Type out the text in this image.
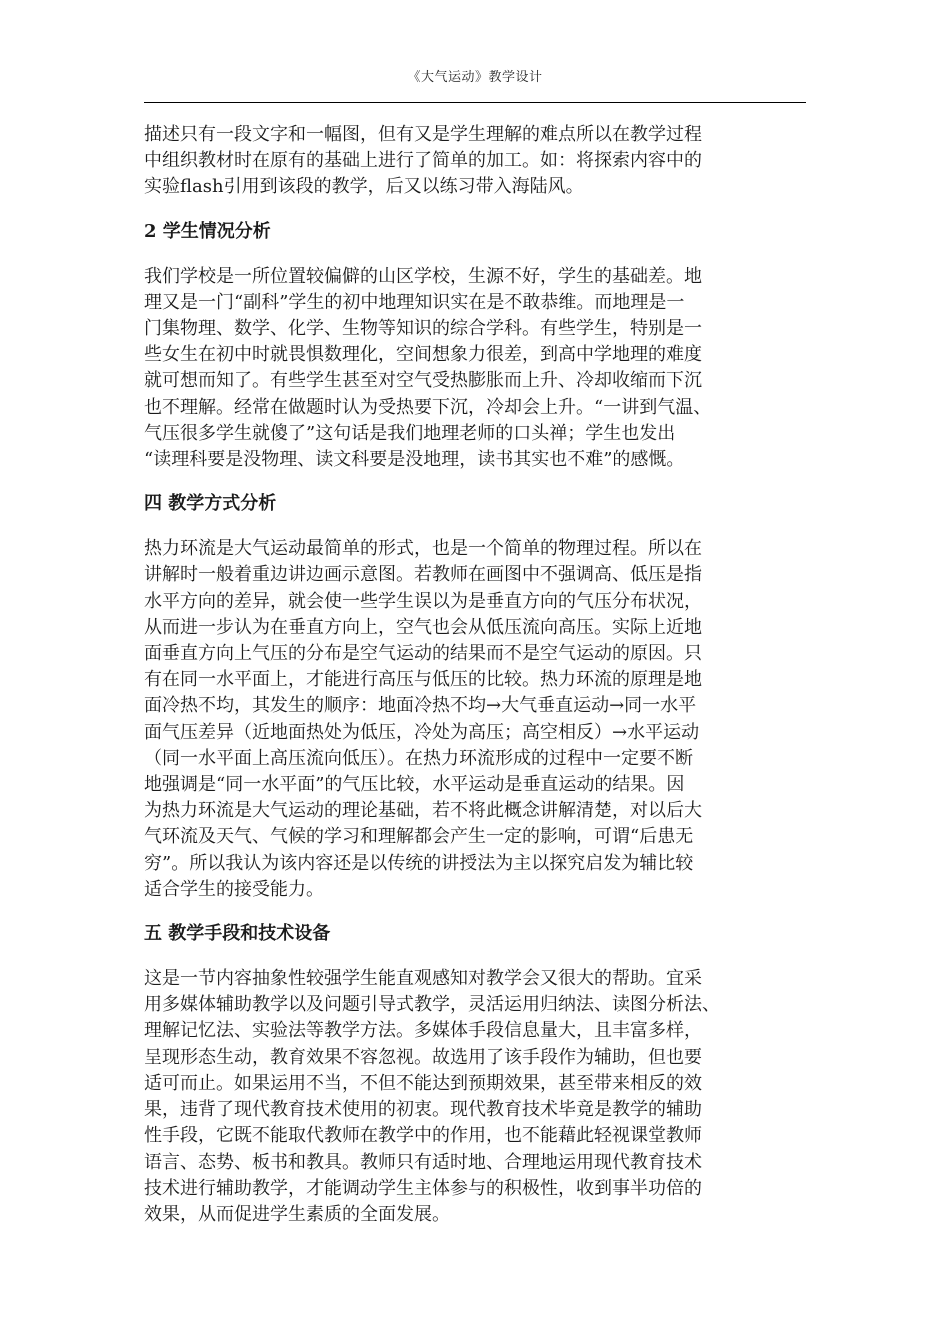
《大气运动》教学设计
描述只有一段文字和一幅图，但有又是学生理解的难点所以在教学过程
中组织教材时在原有的基础上进行了简单的加工。如：将探索内容中的
实验flash引用到该段的教学，后又以练习带入海陆风。
2 学生情况分析
我们学校是一所位置较偏僻的山区学校，生源不好，学生的基础差。地
理又是一门“副科”学生的初中地理知识实在是不敢恭维。而地理是一
门集物理、数学、化学、生物等知识的综合学科。有些学生，特别是一
些女生在初中时就畏惧数理化，空间想象力很差，到高中学地理的难度
就可想而知了。有些学生甚至对空气受热膨胀而上升、冷却收缩而下沉
也不理解。经常在做题时认为受热要下沉，冷却会上升。“一讲到气温、
气压很多学生就傻了”这句话是我们地理老师的口头禅；学生也发出
“读理科要是没物理、读文科要是没地理，读书其实也不难”的感慨。
四 教学方式分析
热力环流是大气运动最简单的形式，也是一个简单的物理过程。所以在
讲解时一般着重边讲边画示意图。若教师在画图中不强调高、低压是指
水平方向的差异，就会使一些学生误以为是垂直方向的气压分布状况，
从而进一步认为在垂直方向上，空气也会从低压流向高压。实际上近地
面垂直方向上气压的分布是空气运动的结果而不是空气运动的原因。只
有在同一水平面上，才能进行高压与低压的比较。热力环流的原理是地
面冷热不均，其发生的顺序：地面冷热不均→大气垂直运动→同一水平
面气压差异（近地面热处为低压，冷处为高压；高空相反）→水平运动
（同一水平面上高压流向低压）。在热力环流形成的过程中一定要不断
地强调是“同一水平面”的气压比较，水平运动是垂直运动的结果。因
为热力环流是大气运动的理论基础，若不将此概念讲解清楚，对以后大
气环流及天气、气候的学习和理解都会产生一定的影响，可谓“后患无
穷”。所以我认为该内容还是以传统的讲授法为主以探究启发为辅比较
适合学生的接受能力。
五 教学手段和技术设备
这是一节内容抽象性较强学生能直观感知对教学会又很大的帮助。宜采
用多媒体辅助教学以及问题引导式教学，灵活运用归纳法、读图分析法、
理解记忆法、实验法等教学方法。多媒体手段信息量大，且丰富多样，
呈现形态生动，教育效果不容忽视。故选用了该手段作为辅助，但也要
适可而止。如果运用不当，不但不能达到预期效果，甚至带来相反的效
果，违背了现代教育技术使用的初衷。现代教育技术毕竟是教学的辅助
性手段，它既不能取代教师在教学中的作用，也不能藉此轻视课堂教师
语言、态势、板书和教具。教师只有适时地、合理地运用现代教育技术
技术进行辅助教学，才能调动学生主体参与的积极性，收到事半功倍的
效果，从而促进学生素质的全面发展。
